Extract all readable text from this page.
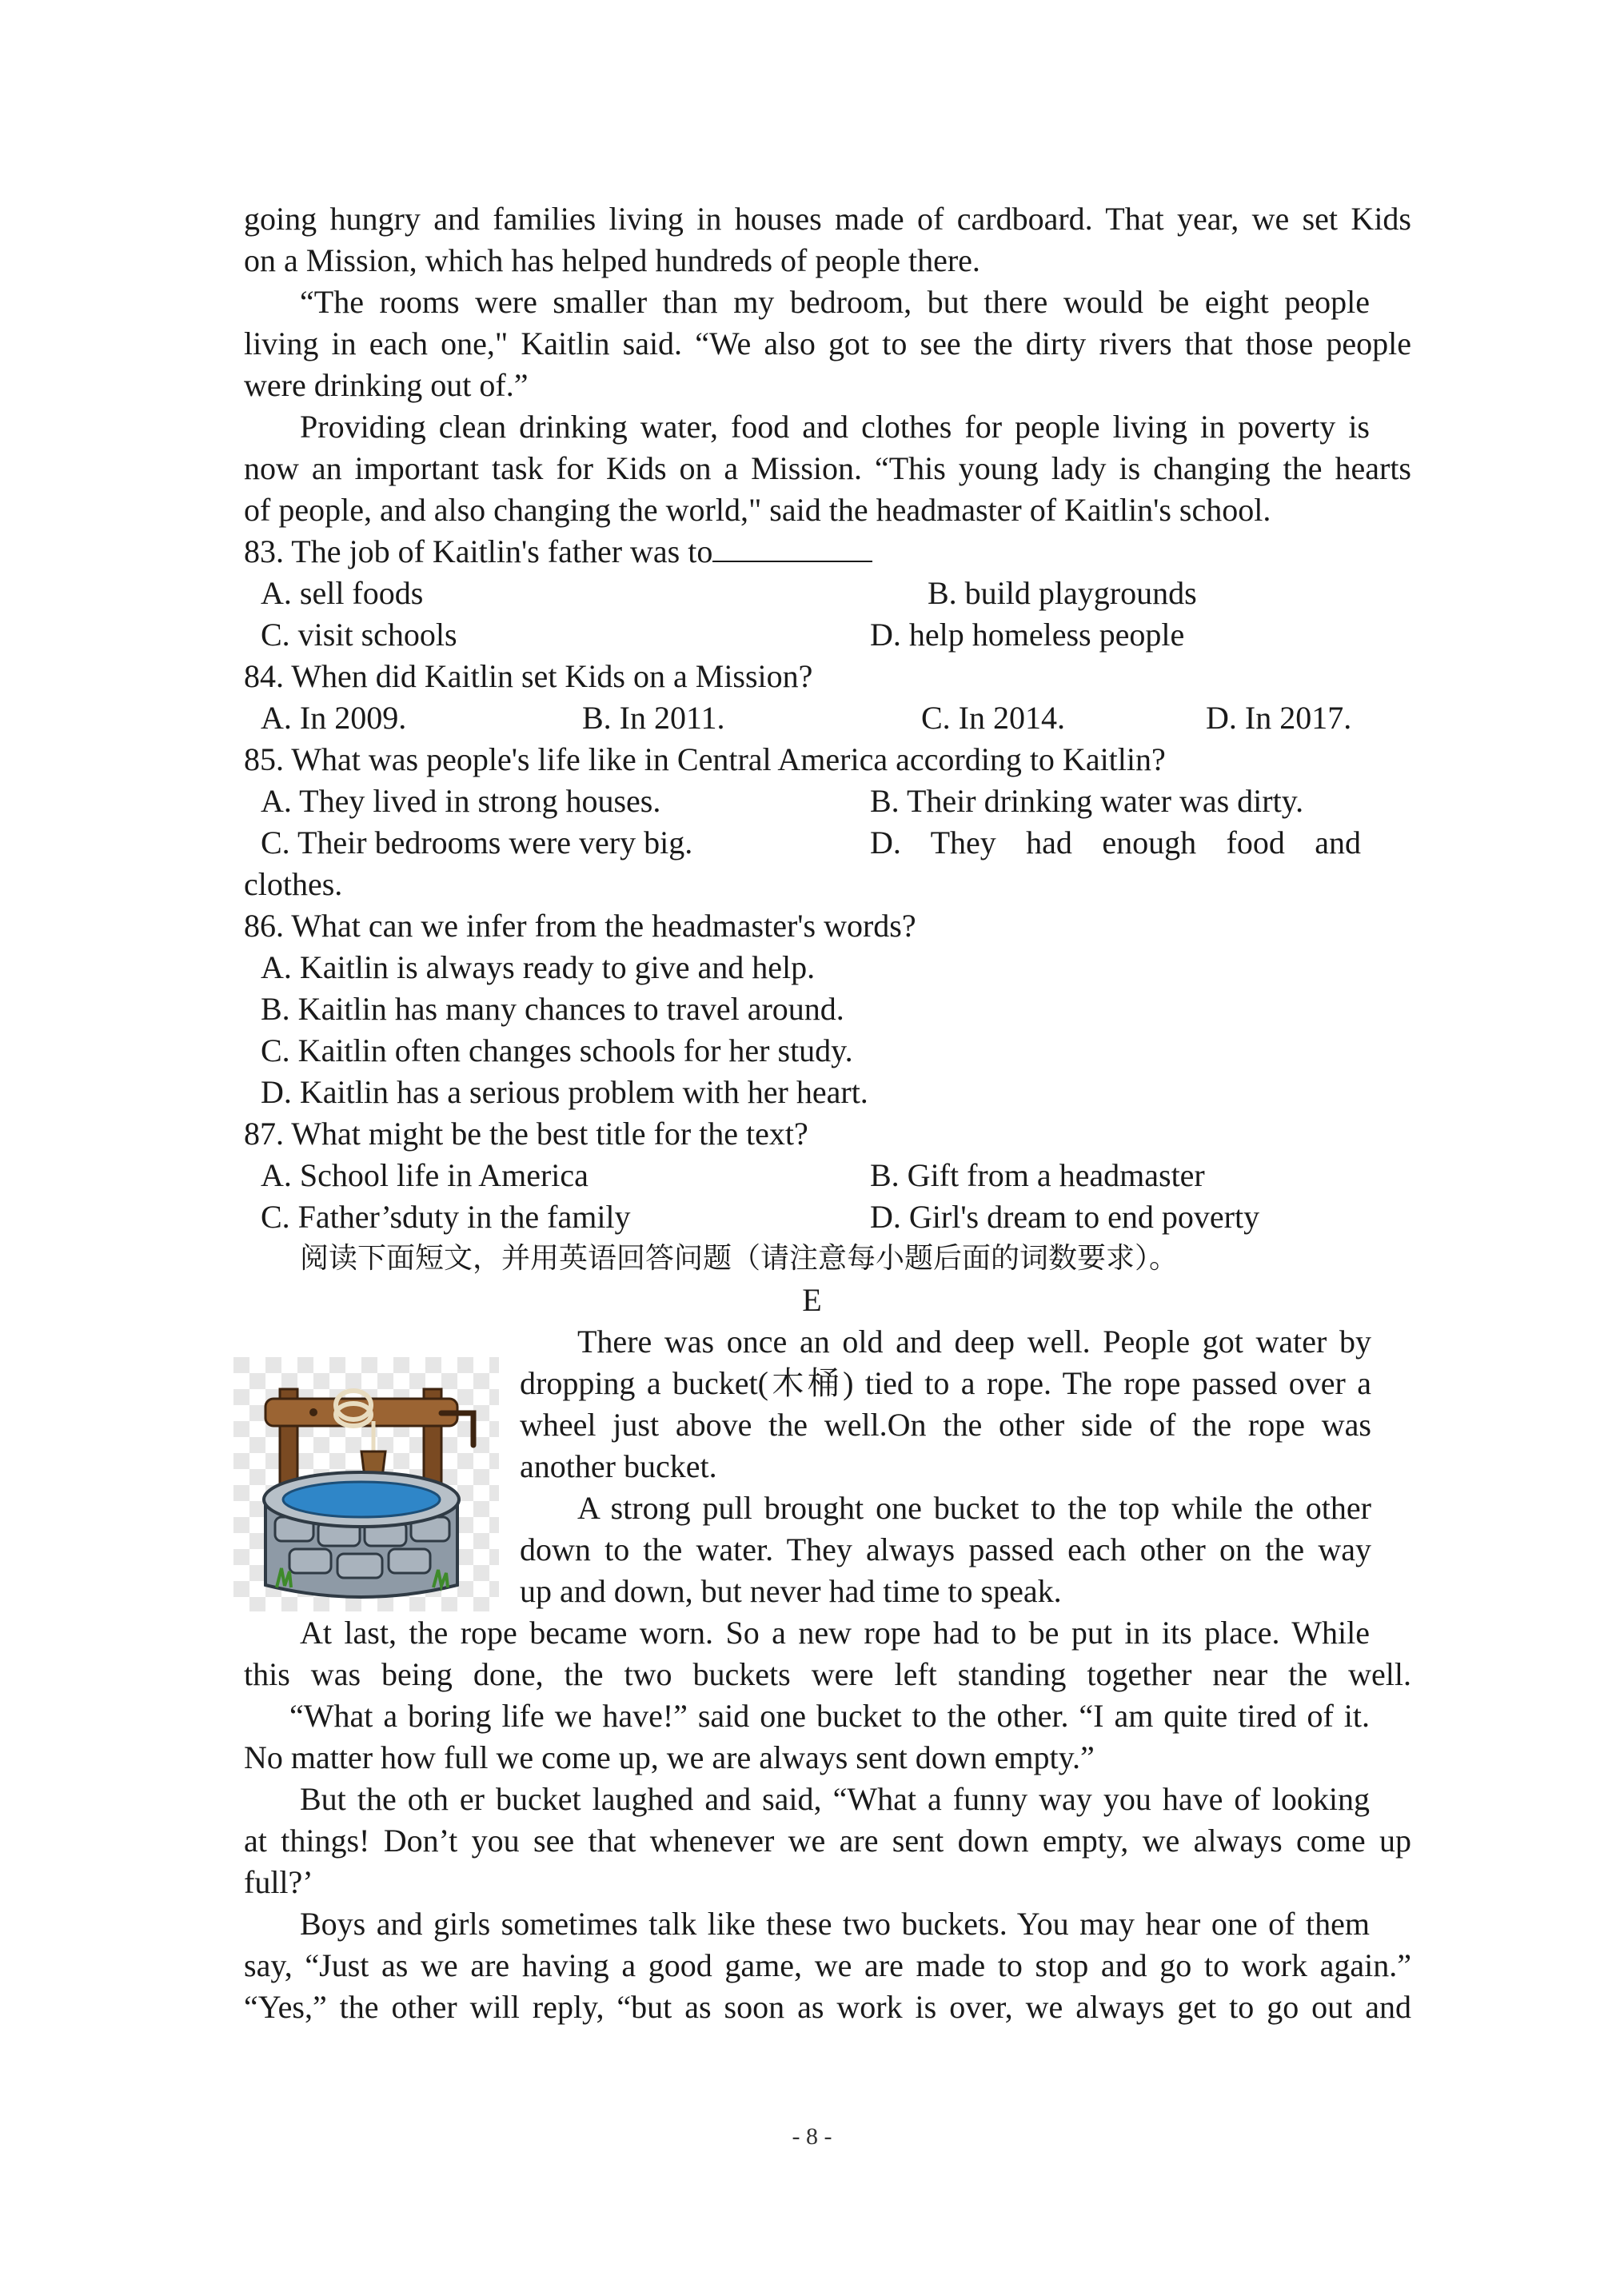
going hungry and families living in houses made of cardboard. That year, we set Kids
on a Mission, which has helped hundreds of people there.
“The rooms were smaller than my bedroom, but there would be eight people
living in each one," Kaitlin said. “We also got to see the dirty rivers that those people
were drinking out of.”
Providing clean drinking water, food and clothes for people living in poverty is
now an important task for Kids on a Mission. “This young lady is changing the hearts
of people, and also changing the world," said the headmaster of Kaitlin's school.
83. The job of Kaitlin's father was to
A. sell foods	B. build playgrounds
C. visit schools	D. help homeless people
84. When did Kaitlin set Kids on a Mission?
A. In 2009.	B. In 2011.	C. In 2014.	D. In 2017.
85. What was people's life like in Central America according to Kaitlin?
A. They lived in strong houses.	B. Their drinking water was dirty.
C. Their bedrooms were very big.	D. They had enough food and
clothes.
86. What can we infer from the headmaster's words?
A. Kaitlin is always ready to give and help.
B. Kaitlin has many chances to travel around.
C. Kaitlin often changes schools for her study.
D. Kaitlin has a serious problem with her heart.
87. What might be the best title for the text?
A. School life in America	B. Gift from a headmaster
C. Father’sduty in the family	D. Girl's dream to end poverty
阅读下面短文，并用英语回答问题（请注意每小题后面的词数要求）。
E
There was once an old and deep well. People got water by
dropping a bucket(木桶) tied to a rope. The rope passed over a
wheel just above the well.On the other side of the rope was
another bucket.
A strong pull brought one bucket to the top while the other
down to the water. They always passed each other on the way
up and down, but never had time to speak.
At last, the rope became worn. So a new rope had to be put in its place. While
this was being done, the two buckets were left standing together near the well.
“What a boring life we have!” said one bucket to the other. “I am quite tired of it.
No matter how full we come up, we are always sent down empty.”
But the oth er bucket laughed and said, “What a funny way you have of looking
at things! Don’t you see that whenever we are sent down empty, we always come up
full?’
Boys and girls sometimes talk like these two buckets. You may hear one of them
say, “Just as we are having a good game, we are made to stop and go to work again.”
“Yes,” the other will reply, “but as soon as work is over, we always get to go out and
- 8 -
